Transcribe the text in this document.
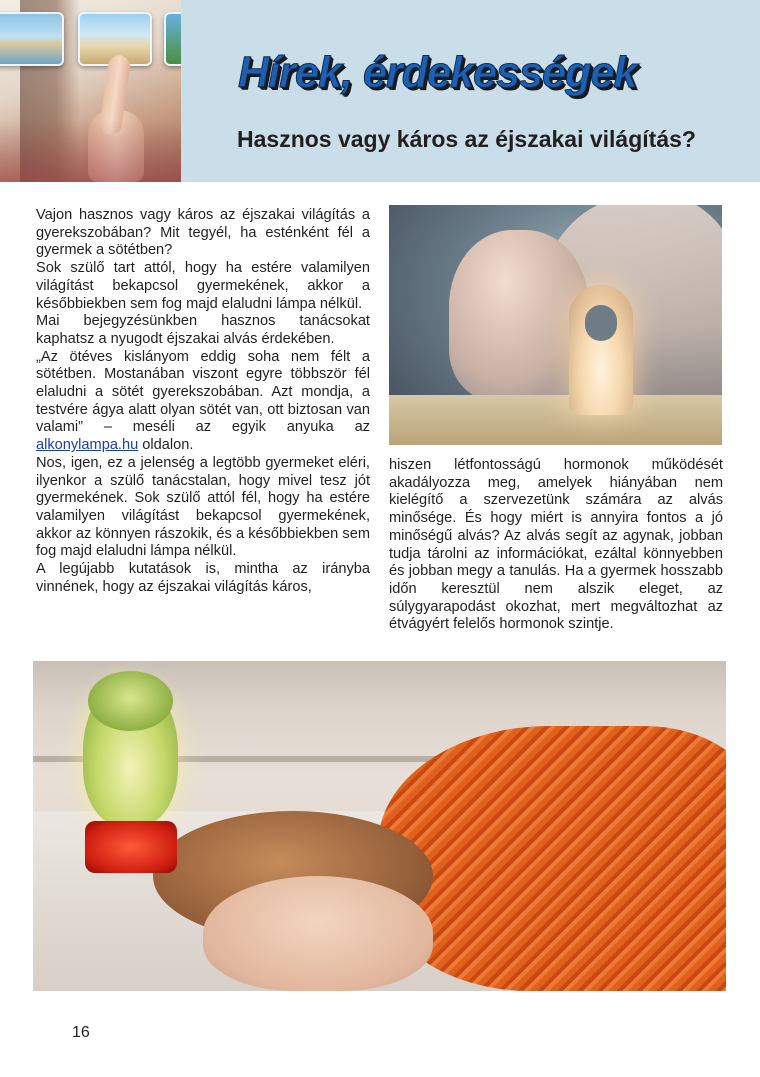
Hírek, érdekességek
Hasznos vagy káros az éjszakai világítás?

Vajon hasznos vagy káros az éjszakai világítás a gyerekszobában? Mit tegyél, ha esténként fél a gyermek a sötétben?

Sok szülő tart attól, hogy ha estére valamilyen világítást bekapcsol gyermekének, akkor a későbbiekben sem fog majd elaludni lámpa nélkül.

Mai bejegyzésünkben hasznos tanácsokat kaphatsz a nyugodt éjszakai alvás érdekében.

„Az ötéves kislányom eddig soha nem félt a sötétben. Mostanában viszont egyre többször fél elaludni a sötét gyerekszobában. Azt mondja, a testvére ágya alatt olyan sötét van, ott biztosan van valami” – meséli az egyik anyuka az alkonylampa.hu oldalon.

Nos, igen, ez a jelenség a legtöbb gyermeket eléri, ilyenkor a szülő tanácstalan, hogy mivel tesz jót gyermekének. Sok szülő attól fél, hogy ha estére valamilyen világítást bekapcsol gyermekének, akkor az könnyen rászokik, és a későbbiekben sem fog majd elaludni lámpa nélkül.

A legújabb kutatások is, mintha az irányba vinnének, hogy az éjszakai világítás káros,

hiszen létfontosságú hormonok működését akadályozza meg, amelyek hiányában nem kielégítő a szervezetünk számára az alvás minősége. És hogy miért is annyira fontos a jó minőségű alvás? Az alvás segít az agynak, jobban tudja tárolni az információkat, ezáltal könnyebben és jobban megy a tanulás. Ha a gyermek hosszabb időn keresztül nem alszik eleget, az súlygyarapodást okozhat, mert megváltozhat az étvágyért felelős hormonok szintje.

16
